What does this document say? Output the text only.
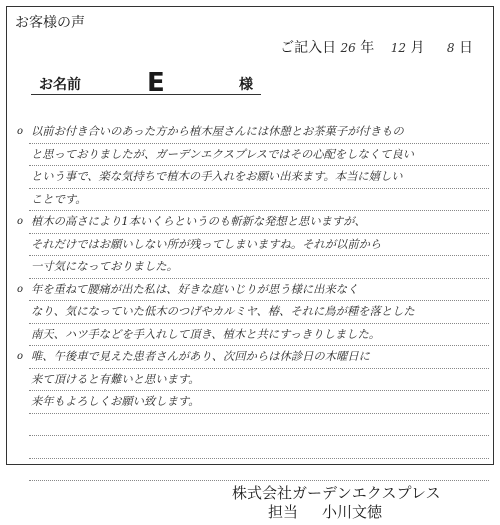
お客様の声
ご記入日 26 年 12 月 8 日
お名前	E	様
o 以前お付き合いのあった方から植木屋さんには休憩とお茶菓子が付きもの
と思っておりましたが、ガーデンエクスプレスではその心配をしなくて良い
という事で、楽な気持ちで植木の手入れをお願い出来ます。本当に嬉しい
ことです。
o 植木の高さにより1本いくらというのも斬新な発想と思いますが、
それだけではお願いしない所が残ってしまいますね。それが以前から
一寸気になっておりました。
o 年を重ねて腰痛が出た私は、好きな庭いじりが思う様に出来なく
なり、気になっていた低木のつげやカルミヤ、椿、それに鳥が種を落とした
南天、ハツ手などを手入れして頂き、植木と共にすっきりしました。
o 唯、午後車で見えた患者さんがあり、次回からは休診日の木曜日に
来て頂けると有難いと思います。
来年もよろしくお願い致します。
株式会社ガーデンエクスプレス
担当 小川文徳
